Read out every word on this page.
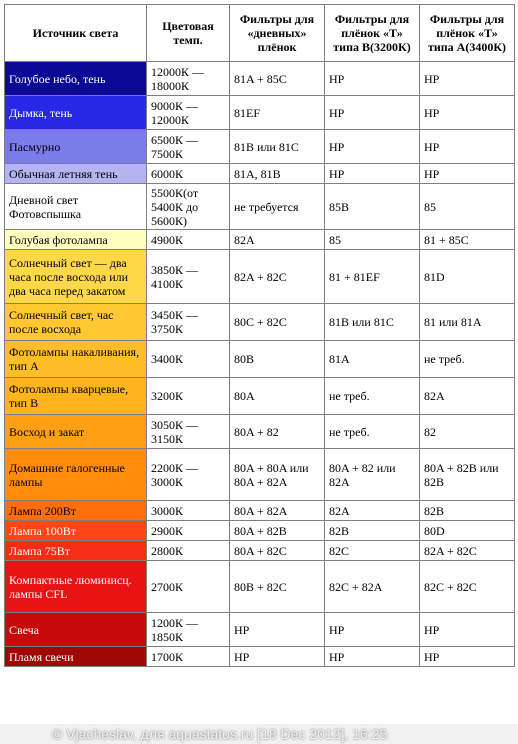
Источник света	Цветовая темп.	Фильтры для «дневных» плёнок	Фильтры для плёнок «Т» типа В(3200К)	Фильтры для плёнок «Т» типа А(3400К)
Голубое небо, тень	12000К — 18000К	81A + 85C	НР	НР
Дымка, тень	9000К — 12000К	81EF	НР	НР
Пасмурно	6500К — 7500К	81B или 81C	НР	НР
Обычная летняя тень	6000К	81A, 81B	НР	НР
Дневной свет Фотовспышка	5500К(от 5400К до 5600К)	не требуется	85B	85
Голубая фотолампа	4900К	82A	85	81 + 85C
Солнечный свет — два часа после восхода или два часа перед закатом	3850К — 4100К	82A + 82C	81 + 81EF	81D
Солнечный свет, час после восхода	3450К — 3750К	80C + 82C	81B или 81C	81 или 81A
Фотолампы накаливания, тип А	3400К	80B	81A	не треб.
Фотолампы кварцевые, тип В	3200К	80A	не треб.	82A
Восход и закат	3050К — 3150К	80A + 82	не треб.	82
Домашние галогенные лампы	2200К — 3000К	80A + 80A или 80A + 82A	80A + 82 или 82A	80A + 82B или 82B
Лампа 200Вт	3000К	80A + 82A	82A	82B
Лампа 100Вт	2900К	80A + 82B	82B	80D
Лампа 75Вт	2800К	80A + 82C	82C	82A + 82C
Компактные люминисц. лампы CFL	2700К	80B + 82C	82C + 82A	82C + 82C
Свеча	1200К — 1850К	НР	НР	НР
Пламя свечи	1700К	НР	НР	НР
© Vjacheslav, для aquastatus.ru [18 Dec 2012], 16:25
